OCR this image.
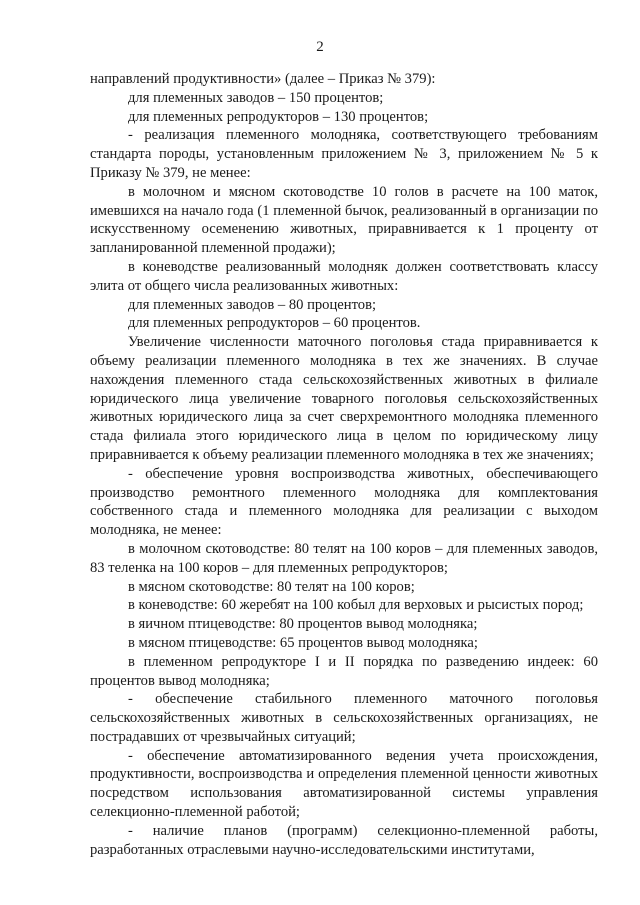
2

направлений продуктивности» (далее – Приказ № 379):

для племенных заводов – 150 процентов;

для племенных репродукторов – 130 процентов;

- реализация племенного молодняка, соответствующего требованиям стандарта породы, установленным приложением № 3, приложением № 5 к Приказу № 379, не менее:

в молочном и мясном скотоводстве 10 голов в расчете на 100 маток, имевшихся на начало года (1 племенной бычок, реализованный в организации по искусственному осеменению животных, приравнивается к 1 проценту от запланированной племенной продажи);

в коневодстве реализованный молодняк должен соответствовать классу элита от общего числа реализованных животных:

для племенных заводов – 80 процентов;

для племенных репродукторов – 60 процентов.

Увеличение численности маточного поголовья стада приравнивается к объему реализации племенного молодняка в тех же значениях. В случае нахождения племенного стада сельскохозяйственных животных в филиале юридического лица увеличение товарного поголовья сельскохозяйственных животных юридического лица за счет сверхремонтного молодняка племенного стада филиала этого юридического лица в целом по юридическому лицу приравнивается к объему реализации племенного молодняка в тех же значениях;

- обеспечение уровня воспроизводства животных, обеспечивающего производство ремонтного племенного молодняка для комплектования собственного стада и племенного молодняка для реализации с выходом молодняка, не менее:

в молочном скотоводстве: 80 телят на 100 коров – для племенных заводов, 83 теленка на 100 коров – для племенных репродукторов;

в мясном скотоводстве: 80 телят на 100 коров;

в коневодстве: 60 жеребят на 100 кобыл для верховых и рысистых пород;

в яичном птицеводстве: 80 процентов вывод молодняка;

в мясном птицеводстве: 65 процентов вывод молодняка;

в племенном репродукторе I и II порядка по разведению индеек: 60 процентов вывод молодняка;

- обеспечение стабильного племенного маточного поголовья сельскохозяйственных животных в сельскохозяйственных организациях, не пострадавших от чрезвычайных ситуаций;

- обеспечение автоматизированного ведения учета происхождения, продуктивности, воспроизводства и определения племенной ценности животных посредством использования автоматизированной системы управления селекционно-племенной работой;

- наличие планов (программ) селекционно-племенной работы, разработанных отраслевыми научно-исследовательскими институтами,
